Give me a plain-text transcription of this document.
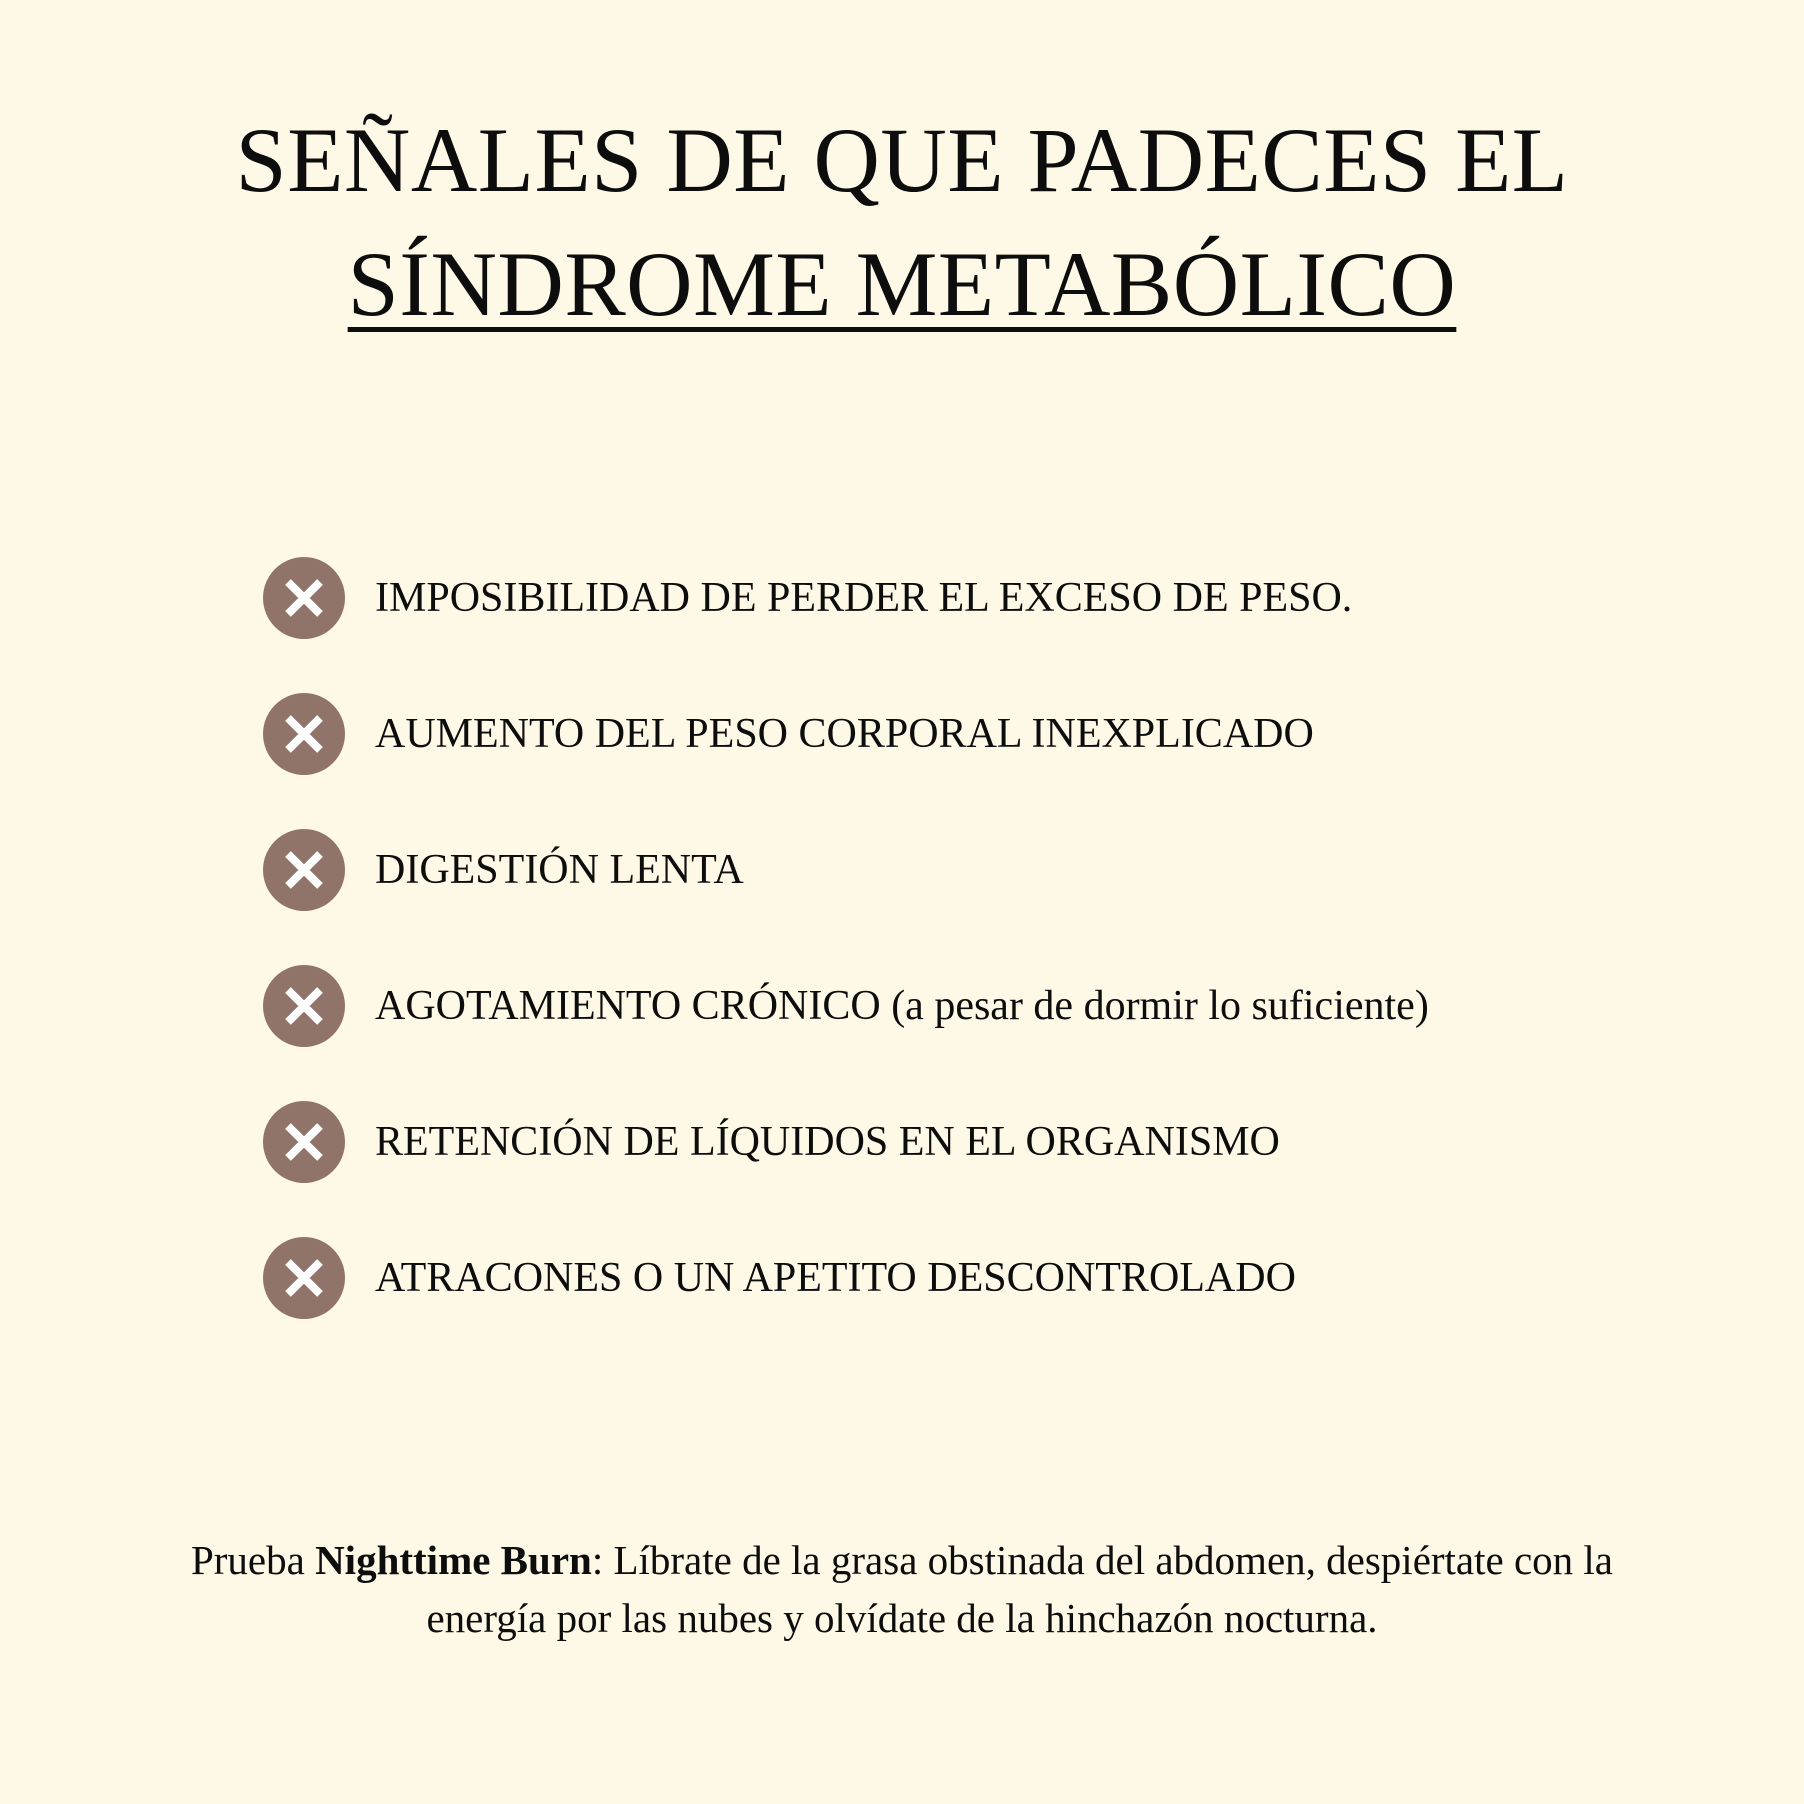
SEÑALES DE QUE PADECES EL
SÍNDROME METABÓLICO
IMPOSIBILIDAD DE PERDER EL EXCESO DE PESO.
AUMENTO DEL PESO CORPORAL INEXPLICADO
DIGESTIÓN LENTA
AGOTAMIENTO CRÓNICO (a pesar de dormir lo suficiente)
RETENCIÓN DE LÍQUIDOS EN EL ORGANISMO
ATRACONES O UN APETITO DESCONTROLADO

Prueba Nighttime Burn: Líbrate de la grasa obstinada del abdomen, despiértate con la
energía por las nubes y olvídate de la hinchazón nocturna.
